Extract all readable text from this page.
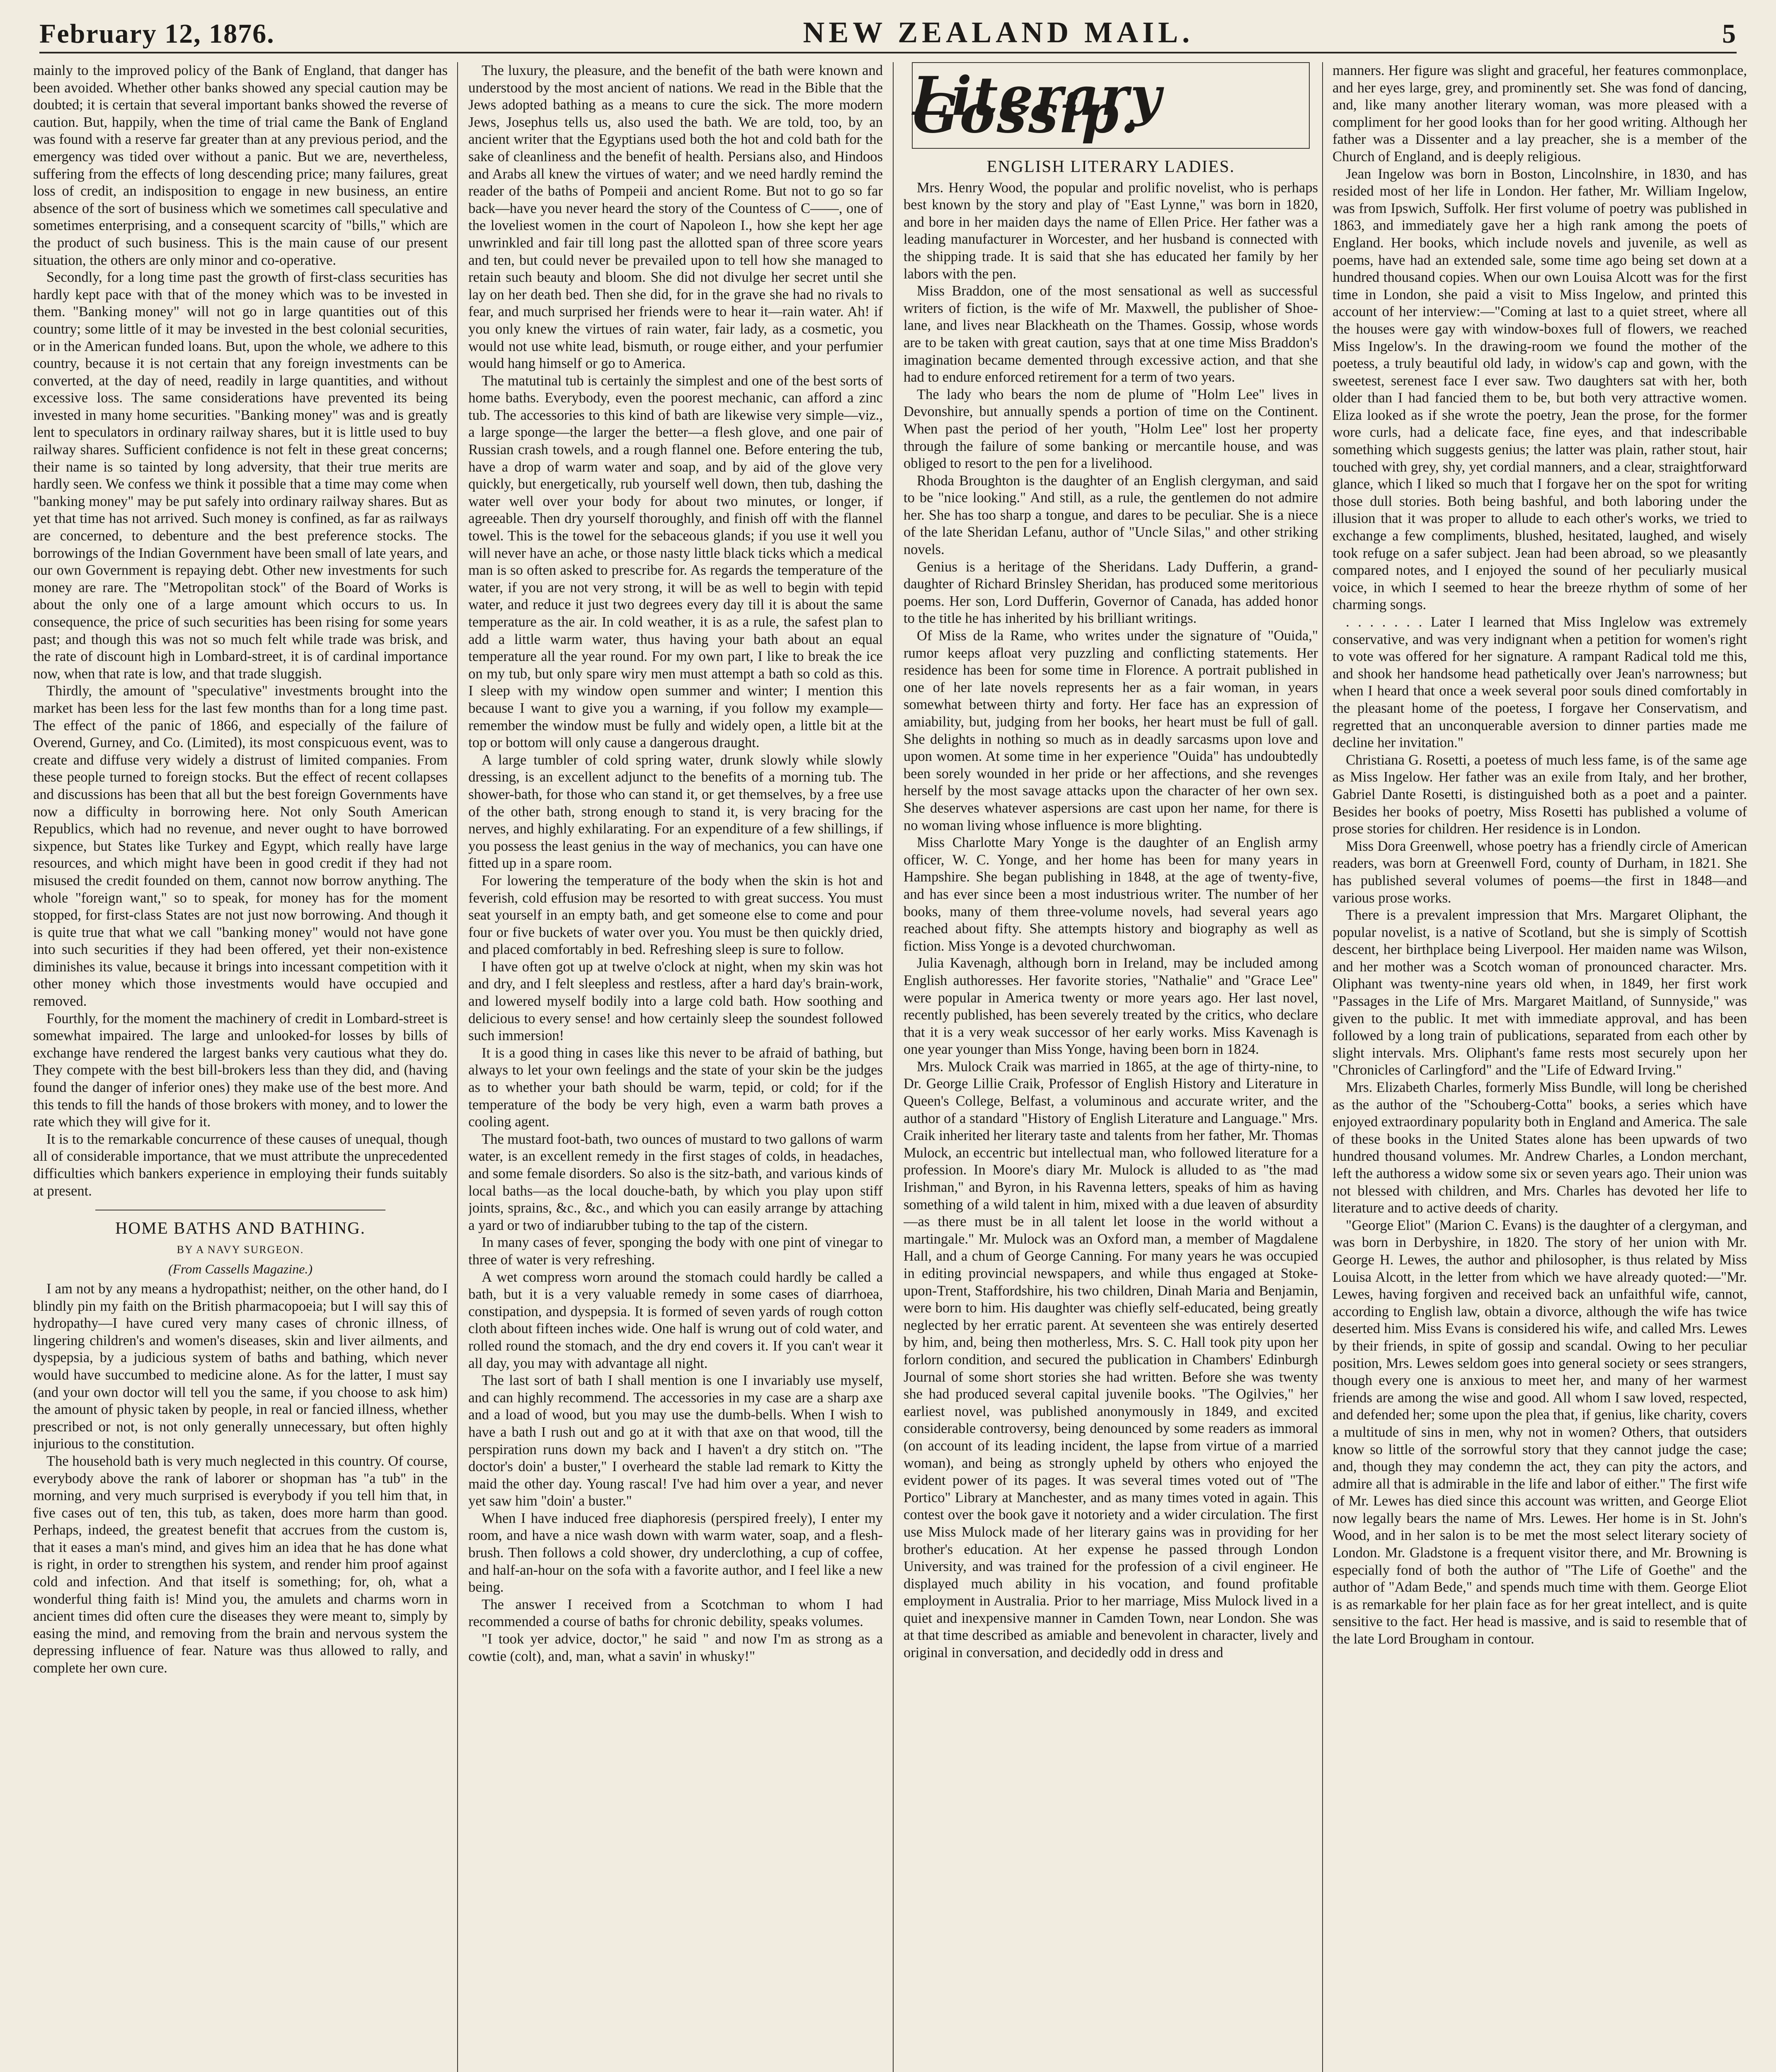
February 12, 1876.	NEW ZEALAND MAIL.	5

mainly to the improved policy of the Bank of England, that danger has been avoided. Whether other banks showed any special caution may be doubted; it is certain that several important banks showed the reverse of caution. But, happily, when the time of trial came the Bank of England was found with a reserve far greater than at any previous period, and the emergency was tided over without a panic. But we are, nevertheless, suffering from the effects of long descending price; many failures, great loss of credit, an indisposition to engage in new business, an entire absence of the sort of business which we sometimes call speculative and sometimes enterprising, and a consequent scarcity of "bills," which are the product of such business. This is the main cause of our present situation, the others are only minor and co-operative.

Secondly, for a long time past the growth of first-class securities has hardly kept pace with that of the money which was to be invested in them. "Banking money" will not go in large quantities out of this country; some little of it may be invested in the best colonial securities, or in the American funded loans. But, upon the whole, we adhere to this country, because it is not certain that any foreign investments can be converted, at the day of need, readily in large quantities, and without excessive loss. The same considerations have prevented its being invested in many home securities. "Banking money" was and is greatly lent to speculators in ordinary railway shares, but it is little used to buy railway shares. Sufficient confidence is not felt in these great concerns; their name is so tainted by long adversity, that their true merits are hardly seen. We confess we think it possible that a time may come when "banking money" may be put safely into ordinary railway shares. But as yet that time has not arrived. Such money is confined, as far as railways are concerned, to debenture and the best preference stocks. The borrowings of the Indian Government have been small of late years, and our own Government is repaying debt. Other new investments for such money are rare. The "Metropolitan stock" of the Board of Works is about the only one of a large amount which occurs to us. In consequence, the price of such securities has been rising for some years past; and though this was not so much felt while trade was brisk, and the rate of discount high in Lombard-street, it is of cardinal importance now, when that rate is low, and that trade sluggish.

Thirdly, the amount of "speculative" investments brought into the market has been less for the last few months than for a long time past. The effect of the panic of 1866, and especially of the failure of Overend, Gurney, and Co. (Limited), its most conspicuous event, was to create and diffuse very widely a distrust of limited companies. From these people turned to foreign stocks. But the effect of recent collapses and discussions has been that all but the best foreign Governments have now a difficulty in borrowing here. Not only South American Republics, which had no revenue, and never ought to have borrowed sixpence, but States like Turkey and Egypt, which really have large resources, and which might have been in good credit if they had not misused the credit founded on them, cannot now borrow anything. The whole "foreign want," so to speak, for money has for the moment stopped, for first-class States are not just now borrowing. And though it is quite true that what we call "banking money" would not have gone into such securities if they had been offered, yet their non-existence diminishes its value, because it brings into incessant competition with it other money which those investments would have occupied and removed.

Fourthly, for the moment the machinery of credit in Lombard-street is somewhat impaired. The large and unlooked-for losses by bills of exchange have rendered the largest banks very cautious what they do. They compete with the best bill-brokers less than they did, and (having found the danger of inferior ones) they make use of the best more. And this tends to fill the hands of those brokers with money, and to lower the rate which they will give for it.

It is to the remarkable concurrence of these causes of unequal, though all of considerable importance, that we must attribute the unprecedented difficulties which bankers experience in employing their funds suitably at present.

HOME BATHS AND BATHING.
BY A NAVY SURGEON.
(From Cassells Magazine.)

I am not by any means a hydropathist; neither, on the other hand, do I blindly pin my faith on the British pharmacopoeia; but I will say this of hydropathy—I have cured very many cases of chronic illness, of lingering children's and women's diseases, skin and liver ailments, and dyspepsia, by a judicious system of baths and bathing, which never would have succumbed to medicine alone. As for the latter, I must say (and your own doctor will tell you the same, if you choose to ask him) the amount of physic taken by people, in real or fancied illness, whether prescribed or not, is not only generally unnecessary, but often highly injurious to the constitution.

The household bath is very much neglected in this country. Of course, everybody above the rank of laborer or shopman has "a tub" in the morning, and very much surprised is everybody if you tell him that, in five cases out of ten, this tub, as taken, does more harm than good. Perhaps, indeed, the greatest benefit that accrues from the custom is, that it eases a man's mind, and gives him an idea that he has done what is right, in order to strengthen his system, and render him proof against cold and infection. And that itself is something; for, oh, what a wonderful thing faith is! Mind you, the amulets and charms worn in ancient times did often cure the diseases they were meant to, simply by easing the mind, and removing from the brain and nervous system the depressing influence of fear. Nature was thus allowed to rally, and complete her own cure.

The luxury, the pleasure, and the benefit of the bath were known and understood by the most ancient of nations. We read in the Bible that the Jews adopted bathing as a means to cure the sick. The more modern Jews, Josephus tells us, also used the bath. We are told, too, by an ancient writer that the Egyptians used both the hot and cold bath for the sake of cleanliness and the benefit of health. Persians also, and Hindoos and Arabs all knew the virtues of water; and we need hardly remind the reader of the baths of Pompeii and ancient Rome. But not to go so far back—have you never heard the story of the Countess of C——, one of the loveliest women in the court of Napoleon I., how she kept her age unwrinkled and fair till long past the allotted span of three score years and ten, but could never be prevailed upon to tell how she managed to retain such beauty and bloom. She did not divulge her secret until she lay on her death bed. Then she did, for in the grave she had no rivals to fear, and much surprised her friends were to hear it—rain water. Ah! if you only knew the virtues of rain water, fair lady, as a cosmetic, you would not use white lead, bismuth, or rouge either, and your perfumier would hang himself or go to America.

The matutinal tub is certainly the simplest and one of the best sorts of home baths. Everybody, even the poorest mechanic, can afford a zinc tub. The accessories to this kind of bath are likewise very simple—viz., a large sponge—the larger the better—a flesh glove, and one pair of Russian crash towels, and a rough flannel one. Before entering the tub, have a drop of warm water and soap, and by aid of the glove very quickly, but energetically, rub yourself well down, then tub, dashing the water well over your body for about two minutes, or longer, if agreeable. Then dry yourself thoroughly, and finish off with the flannel towel. This is the towel for the sebaceous glands; if you use it well you will never have an ache, or those nasty little black ticks which a medical man is so often asked to prescribe for. As regards the temperature of the water, if you are not very strong, it will be as well to begin with tepid water, and reduce it just two degrees every day till it is about the same temperature as the air. In cold weather, it is as a rule, the safest plan to add a little warm water, thus having your bath about an equal temperature all the year round. For my own part, I like to break the ice on my tub, but only spare wiry men must attempt a bath so cold as this. I sleep with my window open summer and winter; I mention this because I want to give you a warning, if you follow my example—remember the window must be fully and widely open, a little bit at the top or bottom will only cause a dangerous draught.

A large tumbler of cold spring water, drunk slowly while slowly dressing, is an excellent adjunct to the benefits of a morning tub. The shower-bath, for those who can stand it, or get themselves, by a free use of the other bath, strong enough to stand it, is very bracing for the nerves, and highly exhilarating. For an expenditure of a few shillings, if you possess the least genius in the way of mechanics, you can have one fitted up in a spare room.

For lowering the temperature of the body when the skin is hot and feverish, cold effusion may be resorted to with great success. You must seat yourself in an empty bath, and get someone else to come and pour four or five buckets of water over you. You must be then quickly dried, and placed comfortably in bed. Refreshing sleep is sure to follow.

I have often got up at twelve o'clock at night, when my skin was hot and dry, and I felt sleepless and restless, after a hard day's brain-work, and lowered myself bodily into a large cold bath. How soothing and delicious to every sense! and how certainly sleep the soundest followed such immersion!

It is a good thing in cases like this never to be afraid of bathing, but always to let your own feelings and the state of your skin be the judges as to whether your bath should be warm, tepid, or cold; for if the temperature of the body be very high, even a warm bath proves a cooling agent.

The mustard foot-bath, two ounces of mustard to two gallons of warm water, is an excellent remedy in the first stages of colds, in headaches, and some female disorders. So also is the sitz-bath, and various kinds of local baths—as the local douche-bath, by which you play upon stiff joints, sprains, &c., &c., and which you can easily arrange by attaching a yard or two of indiarubber tubing to the tap of the cistern.

In many cases of fever, sponging the body with one pint of vinegar to three of water is very refreshing.

A wet compress worn around the stomach could hardly be called a bath, but it is a very valuable remedy in some cases of diarrhoea, constipation, and dyspepsia. It is formed of seven yards of rough cotton cloth about fifteen inches wide. One half is wrung out of cold water, and rolled round the stomach, and the dry end covers it. If you can't wear it all day, you may with advantage all night.

The last sort of bath I shall mention is one I invariably use myself, and can highly recommend. The accessories in my case are a sharp axe and a load of wood, but you may use the dumb-bells. When I wish to have a bath I rush out and go at it with that axe on that wood, till the perspiration runs down my back and I haven't a dry stitch on. "The doctor's doin' a buster," I overheard the stable lad remark to Kitty the maid the other day. Young rascal! I've had him over a year, and never yet saw him "doin' a buster."

When I have induced free diaphoresis (perspired freely), I enter my room, and have a nice wash down with warm water, soap, and a flesh-brush. Then follows a cold shower, dry underclothing, a cup of coffee, and half-an-hour on the sofa with a favorite author, and I feel like a new being.

The answer I received from a Scotchman to whom I had recommended a course of baths for chronic debility, speaks volumes.

"I took yer advice, doctor," he said " and now I'm as strong as a cowtie (colt), and, man, what a savin' in whusky!"

Literary Gossip.
ENGLISH LITERARY LADIES.

Mrs. Henry Wood, the popular and prolific novelist, who is perhaps best known by the story and play of "East Lynne," was born in 1820, and bore in her maiden days the name of Ellen Price. Her father was a leading manufacturer in Worcester, and her husband is connected with the shipping trade. It is said that she has educated her family by her labors with the pen.

Miss Braddon, one of the most sensational as well as successful writers of fiction, is the wife of Mr. Maxwell, the publisher of Shoe-lane, and lives near Blackheath on the Thames. Gossip, whose words are to be taken with great caution, says that at one time Miss Braddon's imagination became demented through excessive action, and that she had to endure enforced retirement for a term of two years.

The lady who bears the nom de plume of "Holm Lee" lives in Devonshire, but annually spends a portion of time on the Continent. When past the period of her youth, "Holm Lee" lost her property through the failure of some banking or mercantile house, and was obliged to resort to the pen for a livelihood.

Rhoda Broughton is the daughter of an English clergyman, and said to be "nice looking." And still, as a rule, the gentlemen do not admire her. She has too sharp a tongue, and dares to be peculiar. She is a niece of the late Sheridan Lefanu, author of "Uncle Silas," and other striking novels.

Genius is a heritage of the Sheridans. Lady Dufferin, a grand-daughter of Richard Brinsley Sheridan, has produced some meritorious poems. Her son, Lord Dufferin, Governor of Canada, has added honor to the title he has inherited by his brilliant writings.

Of Miss de la Rame, who writes under the signature of "Ouida," rumor keeps afloat very puzzling and conflicting statements. Her residence has been for some time in Florence. A portrait published in one of her late novels represents her as a fair woman, in years somewhat between thirty and forty. Her face has an expression of amiability, but, judging from her books, her heart must be full of gall. She delights in nothing so much as in deadly sarcasms upon love and upon women. At some time in her experience "Ouida" has undoubtedly been sorely wounded in her pride or her affections, and she revenges herself by the most savage attacks upon the character of her own sex. She deserves whatever aspersions are cast upon her name, for there is no woman living whose influence is more blighting.

Miss Charlotte Mary Yonge is the daughter of an English army officer, W. C. Yonge, and her home has been for many years in Hampshire. She began publishing in 1848, at the age of twenty-five, and has ever since been a most industrious writer. The number of her books, many of them three-volume novels, had several years ago reached about fifty. She attempts history and biography as well as fiction. Miss Yonge is a devoted churchwoman.

Julia Kavenagh, although born in Ireland, may be included among English authoresses. Her favorite stories, "Nathalie" and "Grace Lee" were popular in America twenty or more years ago. Her last novel, recently published, has been severely treated by the critics, who declare that it is a very weak successor of her early works. Miss Kavenagh is one year younger than Miss Yonge, having been born in 1824.

Mrs. Mulock Craik was married in 1865, at the age of thirty-nine, to Dr. George Lillie Craik, Professor of English History and Literature in Queen's College, Belfast, a voluminous and accurate writer, and the author of a standard "History of English Literature and Language." Mrs. Craik inherited her literary taste and talents from her father, Mr. Thomas Mulock, an eccentric but intellectual man, who followed literature for a profession. In Moore's diary Mr. Mulock is alluded to as "the mad Irishman," and Byron, in his Ravenna letters, speaks of him as having something of a wild talent in him, mixed with a due leaven of absurdity—as there must be in all talent let loose in the world without a martingale." Mr. Mulock was an Oxford man, a member of Magdalene Hall, and a chum of George Canning. For many years he was occupied in editing provincial newspapers, and while thus engaged at Stoke-upon-Trent, Staffordshire, his two children, Dinah Maria and Benjamin, were born to him. His daughter was chiefly self-educated, being greatly neglected by her erratic parent. At seventeen she was entirely deserted by him, and, being then motherless, Mrs. S. C. Hall took pity upon her forlorn condition, and secured the publication in Chambers' Edinburgh Journal of some short stories she had written. Before she was twenty she had produced several capital juvenile books. "The Ogilvies," her earliest novel, was published anonymously in 1849, and excited considerable controversy, being denounced by some readers as immoral (on account of its leading incident, the lapse from virtue of a married woman), and being as strongly upheld by others who enjoyed the evident power of its pages. It was several times voted out of "The Portico" Library at Manchester, and as many times voted in again. This contest over the book gave it notoriety and a wider circulation. The first use Miss Mulock made of her literary gains was in providing for her brother's education. At her expense he passed through London University, and was trained for the profession of a civil engineer. He displayed much ability in his vocation, and found profitable employment in Australia. Prior to her marriage, Miss Mulock lived in a quiet and inexpensive manner in Camden Town, near London. She was at that time described as amiable and benevolent in character, lively and original in conversation, and decidedly odd in dress and

manners. Her figure was slight and graceful, her features commonplace, and her eyes large, grey, and prominently set. She was fond of dancing, and, like many another literary woman, was more pleased with a compliment for her good looks than for her good writing. Although her father was a Dissenter and a lay preacher, she is a member of the Church of England, and is deeply religious.

Jean Ingelow was born in Boston, Lincolnshire, in 1830, and has resided most of her life in London. Her father, Mr. William Ingelow, was from Ipswich, Suffolk. Her first volume of poetry was published in 1863, and immediately gave her a high rank among the poets of England. Her books, which include novels and juvenile, as well as poems, have had an extended sale, some time ago being set down at a hundred thousand copies. When our own Louisa Alcott was for the first time in London, she paid a visit to Miss Ingelow, and printed this account of her interview:—"Coming at last to a quiet street, where all the houses were gay with window-boxes full of flowers, we reached Miss Ingelow's. In the drawing-room we found the mother of the poetess, a truly beautiful old lady, in widow's cap and gown, with the sweetest, serenest face I ever saw. Two daughters sat with her, both older than I had fancied them to be, but both very attractive women. Eliza looked as if she wrote the poetry, Jean the prose, for the former wore curls, had a delicate face, fine eyes, and that indescribable something which suggests genius; the latter was plain, rather stout, hair touched with grey, shy, yet cordial manners, and a clear, straightforward glance, which I liked so much that I forgave her on the spot for writing those dull stories. Both being bashful, and both laboring under the illusion that it was proper to allude to each other's works, we tried to exchange a few compliments, blushed, hesitated, laughed, and wisely took refuge on a safer subject. Jean had been abroad, so we pleasantly compared notes, and I enjoyed the sound of her peculiarly musical voice, in which I seemed to hear the breeze rhythm of some of her charming songs.

. . . . . . . Later I learned that Miss Inglelow was extremely conservative, and was very indignant when a petition for women's right to vote was offered for her signature. A rampant Radical told me this, and shook her handsome head pathetically over Jean's narrowness; but when I heard that once a week several poor souls dined comfortably in the pleasant home of the poetess, I forgave her Conservatism, and regretted that an unconquerable aversion to dinner parties made me decline her invitation."

Christiana G. Rosetti, a poetess of much less fame, is of the same age as Miss Ingelow. Her father was an exile from Italy, and her brother, Gabriel Dante Rosetti, is distinguished both as a poet and a painter. Besides her books of poetry, Miss Rosetti has published a volume of prose stories for children. Her residence is in London.

Miss Dora Greenwell, whose poetry has a friendly circle of American readers, was born at Greenwell Ford, county of Durham, in 1821. She has published several volumes of poems—the first in 1848—and various prose works.

There is a prevalent impression that Mrs. Margaret Oliphant, the popular novelist, is a native of Scotland, but she is simply of Scottish descent, her birthplace being Liverpool. Her maiden name was Wilson, and her mother was a Scotch woman of pronounced character. Mrs. Oliphant was twenty-nine years old when, in 1849, her first work "Passages in the Life of Mrs. Margaret Maitland, of Sunnyside," was given to the public. It met with immediate approval, and has been followed by a long train of publications, separated from each other by slight intervals. Mrs. Oliphant's fame rests most securely upon her "Chronicles of Carlingford" and the "Life of Edward Irving."

Mrs. Elizabeth Charles, formerly Miss Bundle, will long be cherished as the author of the "Schouberg-Cotta" books, a series which have enjoyed extraordinary popularity both in England and America. The sale of these books in the United States alone has been upwards of two hundred thousand volumes. Mr. Andrew Charles, a London merchant, left the authoress a widow some six or seven years ago. Their union was not blessed with children, and Mrs. Charles has devoted her life to literature and to active deeds of charity.

"George Eliot" (Marion C. Evans) is the daughter of a clergyman, and was born in Derbyshire, in 1820. The story of her union with Mr. George H. Lewes, the author and philosopher, is thus related by Miss Louisa Alcott, in the letter from which we have already quoted:—"Mr. Lewes, having forgiven and received back an unfaithful wife, cannot, according to English law, obtain a divorce, although the wife has twice deserted him. Miss Evans is considered his wife, and called Mrs. Lewes by their friends, in spite of gossip and scandal. Owing to her peculiar position, Mrs. Lewes seldom goes into general society or sees strangers, though every one is anxious to meet her, and many of her warmest friends are among the wise and good. All whom I saw loved, respected, and defended her; some upon the plea that, if genius, like charity, covers a multitude of sins in men, why not in women? Others, that outsiders know so little of the sorrowful story that they cannot judge the case; and, though they may condemn the act, they can pity the actors, and admire all that is admirable in the life and labor of either." The first wife of Mr. Lewes has died since this account was written, and George Eliot now legally bears the name of Mrs. Lewes. Her home is in St. John's Wood, and in her salon is to be met the most select literary society of London. Mr. Gladstone is a frequent visitor there, and Mr. Browning is especially fond of both the author of "The Life of Goethe" and the author of "Adam Bede," and spends much time with them. George Eliot is as remarkable for her plain face as for her great intellect, and is quite sensitive to the fact. Her head is massive, and is said to resemble that of the late Lord Brougham in contour.
